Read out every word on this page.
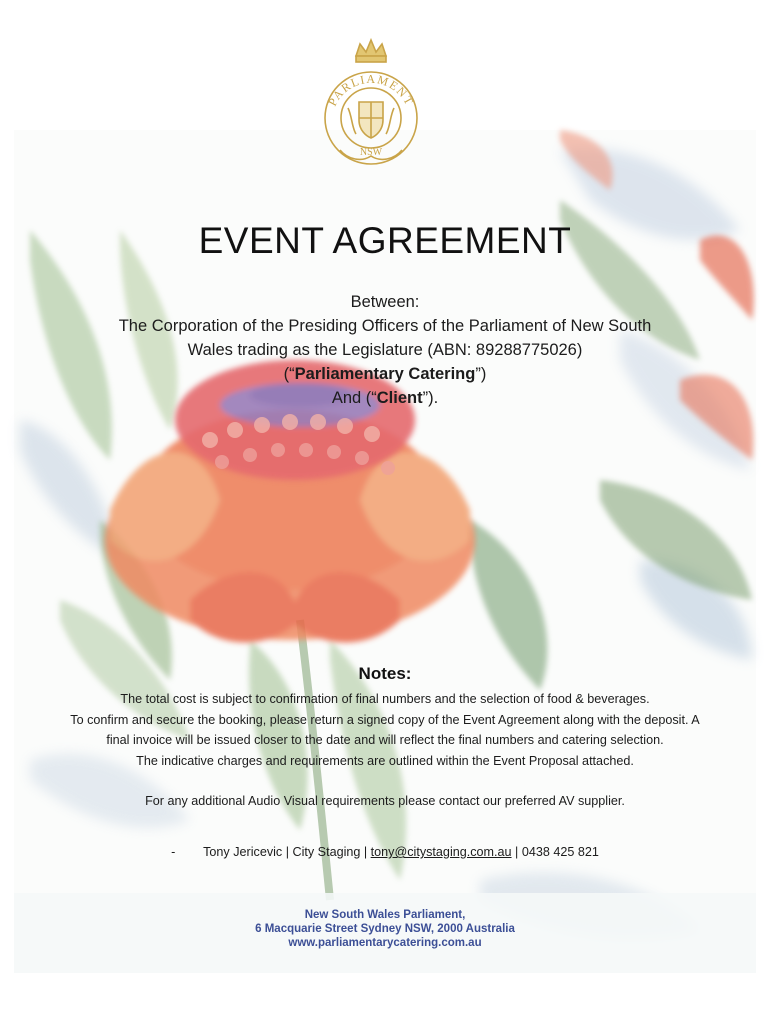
PARLIAMENT
NSW
EVENT AGREEMENT
Between:
The Corporation of the Presiding Officers of the Parliament of New South
Wales trading as the Legislature (ABN: 89288775026)
(“Parliamentary Catering”)
And (“Client”).
Notes:

The total cost is subject to confirmation of final numbers and the selection of food & beverages.

To confirm and secure the booking, please return a signed copy of the Event Agreement along with the deposit. A final invoice will be issued closer to the date and will reflect the final numbers and catering selection.

The indicative charges and requirements are outlined within the Event Proposal attached.

For any additional Audio Visual requirements please contact our preferred AV supplier.

- Tony Jericevic | City Staging | tony@citystaging.com.au | 0438 425 821
New South Wales Parliament,
6 Macquarie Street Sydney NSW, 2000 Australia
www.parliamentarycatering.com.au
